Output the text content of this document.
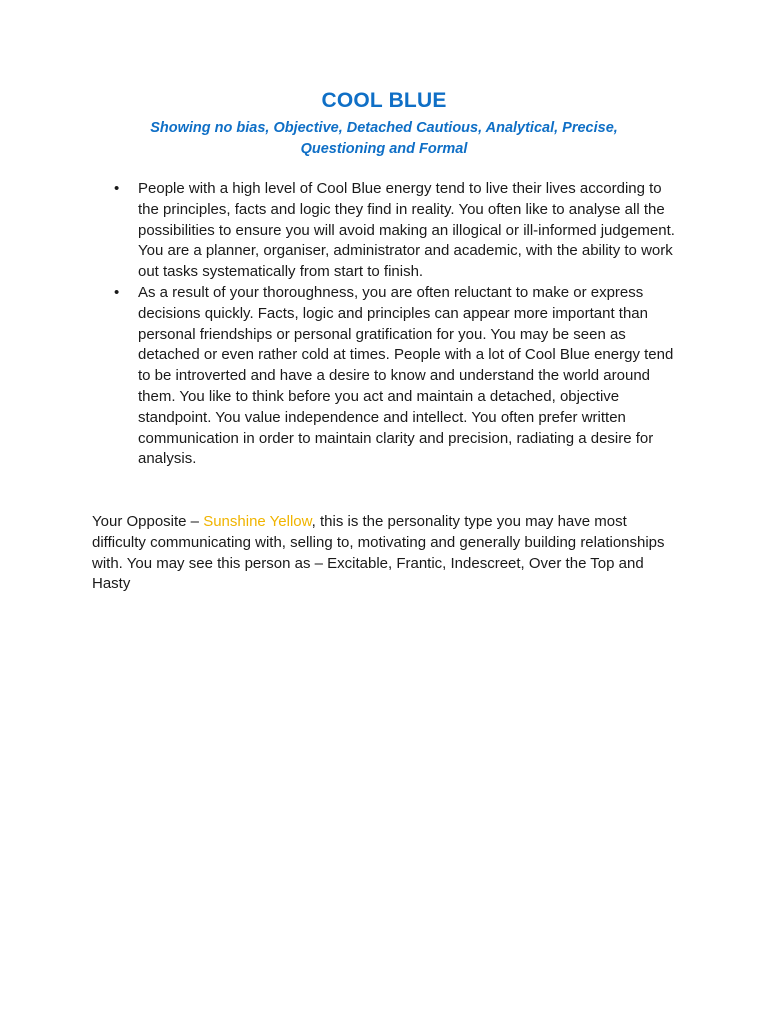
COOL BLUE
Showing no bias, Objective, Detached Cautious, Analytical, Precise, Questioning and Formal
•	People with a high level of Cool Blue energy tend to live their lives according to the principles, facts and logic they find in reality. You often like to analyse all the possibilities to ensure you will avoid making an illogical or ill-informed judgement. You are a planner, organiser, administrator and academic, with the ability to work out tasks systematically from start to finish.

•	As a result of your thoroughness, you are often reluctant to make or express decisions quickly. Facts, logic and principles can appear more important than personal friendships or personal gratification for you. You may be seen as detached or even rather cold at times. People with a lot of Cool Blue energy tend to be introverted and have a desire to know and understand the world around them. You like to think before you act and maintain a detached, objective standpoint. You value independence and intellect. You often prefer written communication in order to maintain clarity and precision, radiating a desire for analysis.

Your Opposite – Sunshine Yellow, this is the personality type you may have most difficulty communicating with, selling to, motivating and generally building relationships with. You may see this person as – Excitable, Frantic, Indescreet, Over the Top and Hasty
